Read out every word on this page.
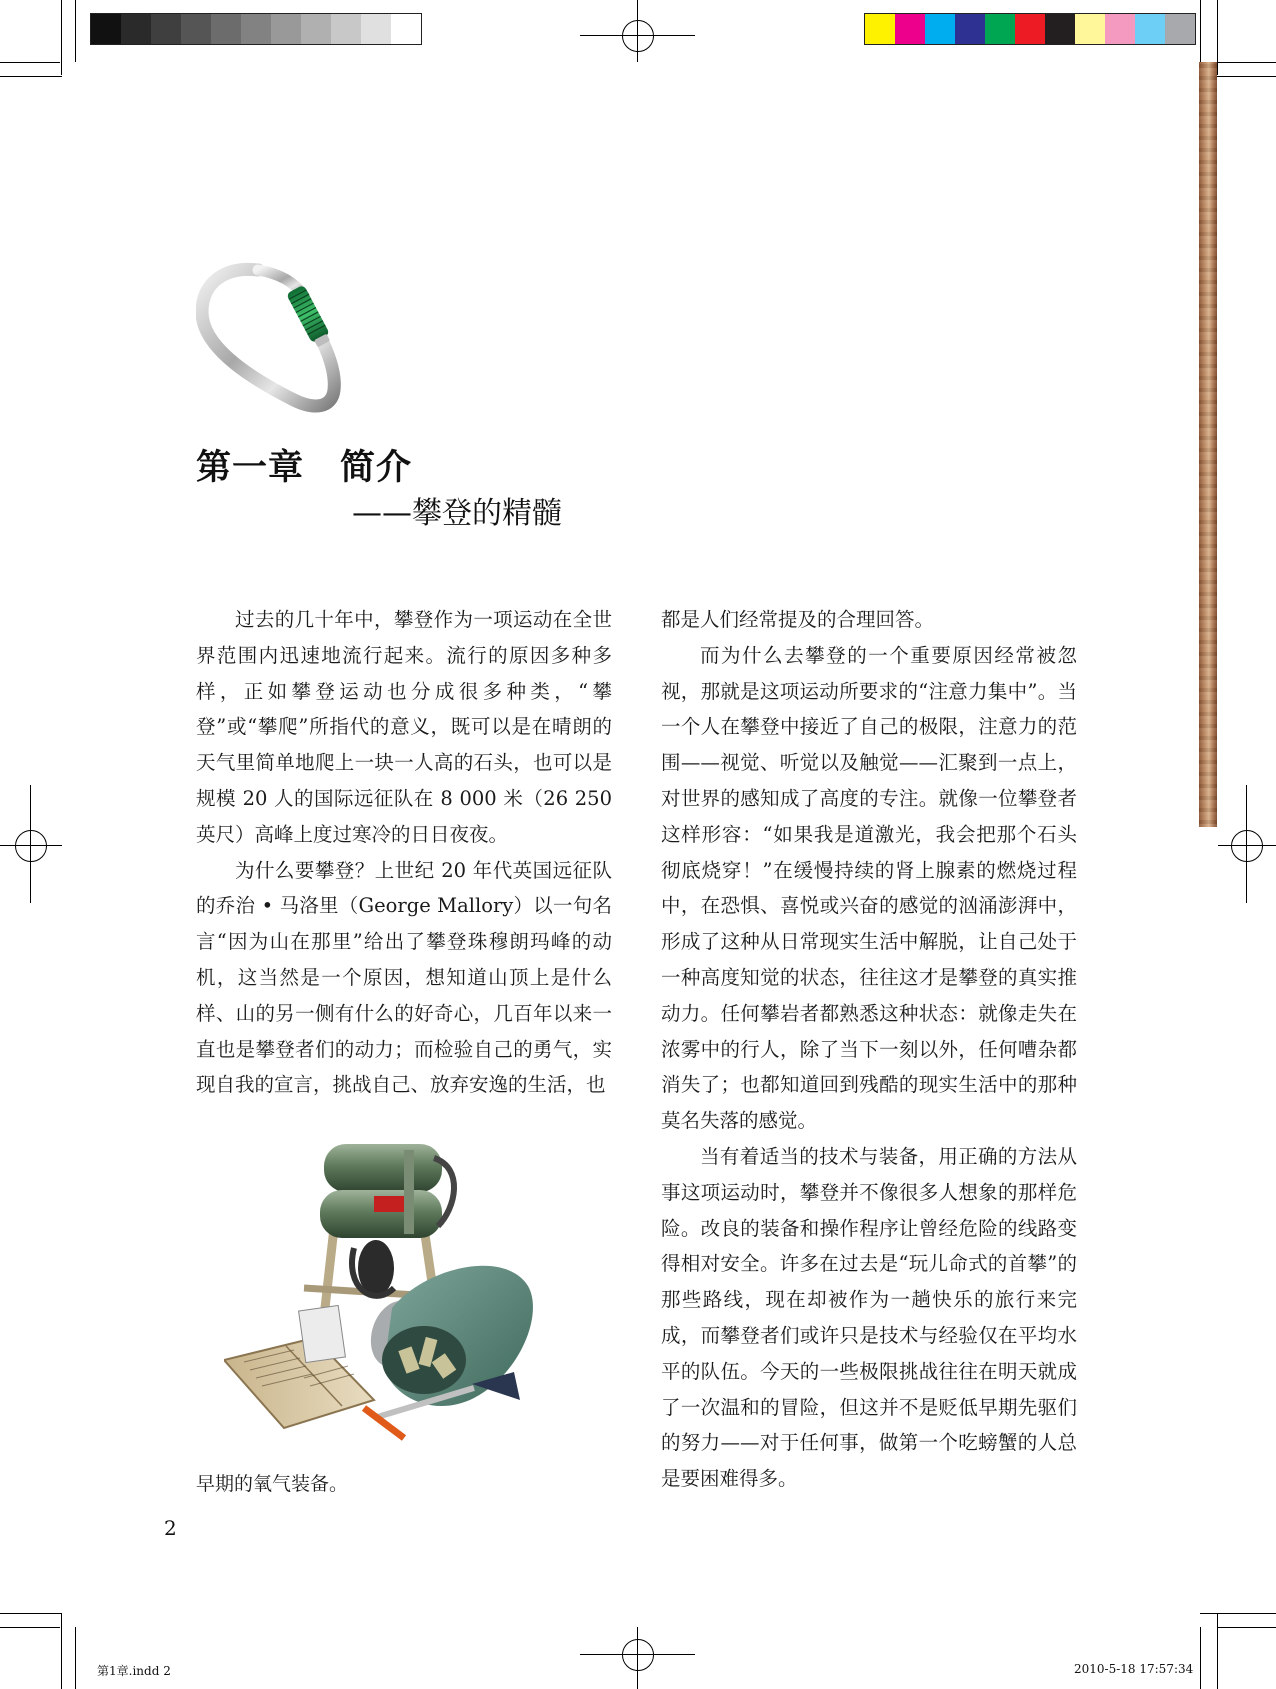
第一章 简介
——攀登的精髓

过去的几十年中，攀登作为一项运动在全世界范围内迅速地流行起来。流行的原因多种多样，正如攀登运动也分成很多种类，“攀登”或“攀爬”所指代的意义，既可以是在晴朗的天气里简单地爬上一块一人高的石头，也可以是规模 20 人的国际远征队在 8 000 米（26 250 英尺）高峰上度过寒冷的日日夜夜。

为什么要攀登？上世纪 20 年代英国远征队的乔治 • 马洛里（George Mallory）以一句名言“因为山在那里”给出了攀登珠穆朗玛峰的动机，这当然是一个原因，想知道山顶上是什么样、山的另一侧有什么的好奇心，几百年以来一直也是攀登者们的动力；而检验自己的勇气，实现自我的宣言，挑战自己、放弃安逸的生活，也

早期的氧气装备。

都是人们经常提及的合理回答。

而为什么去攀登的一个重要原因经常被忽视，那就是这项运动所要求的“注意力集中”。当一个人在攀登中接近了自己的极限，注意力的范围——视觉、听觉以及触觉——汇聚到一点上，对世界的感知成了高度的专注。就像一位攀登者这样形容：“如果我是道激光，我会把那个石头彻底烧穿！”在缓慢持续的肾上腺素的燃烧过程中，在恐惧、喜悦或兴奋的感觉的汹涌澎湃中，形成了这种从日常现实生活中解脱，让自己处于一种高度知觉的状态，往往这才是攀登的真实推动力。任何攀岩者都熟悉这种状态：就像走失在浓雾中的行人，除了当下一刻以外，任何嘈杂都消失了；也都知道回到残酷的现实生活中的那种莫名失落的感觉。

当有着适当的技术与装备，用正确的方法从事这项运动时，攀登并不像很多人想象的那样危险。改良的装备和操作程序让曾经危险的线路变得相对安全。许多在过去是“玩儿命式的首攀”的那些路线，现在却被作为一趟快乐的旅行来完成，而攀登者们或许只是技术与经验仅在平均水平的队伍。今天的一些极限挑战往往在明天就成了一次温和的冒险，但这并不是贬低早期先驱们的努力——对于任何事，做第一个吃螃蟹的人总是要困难得多。

2
第1章.indd 2	2010-5-18 17:57:34
